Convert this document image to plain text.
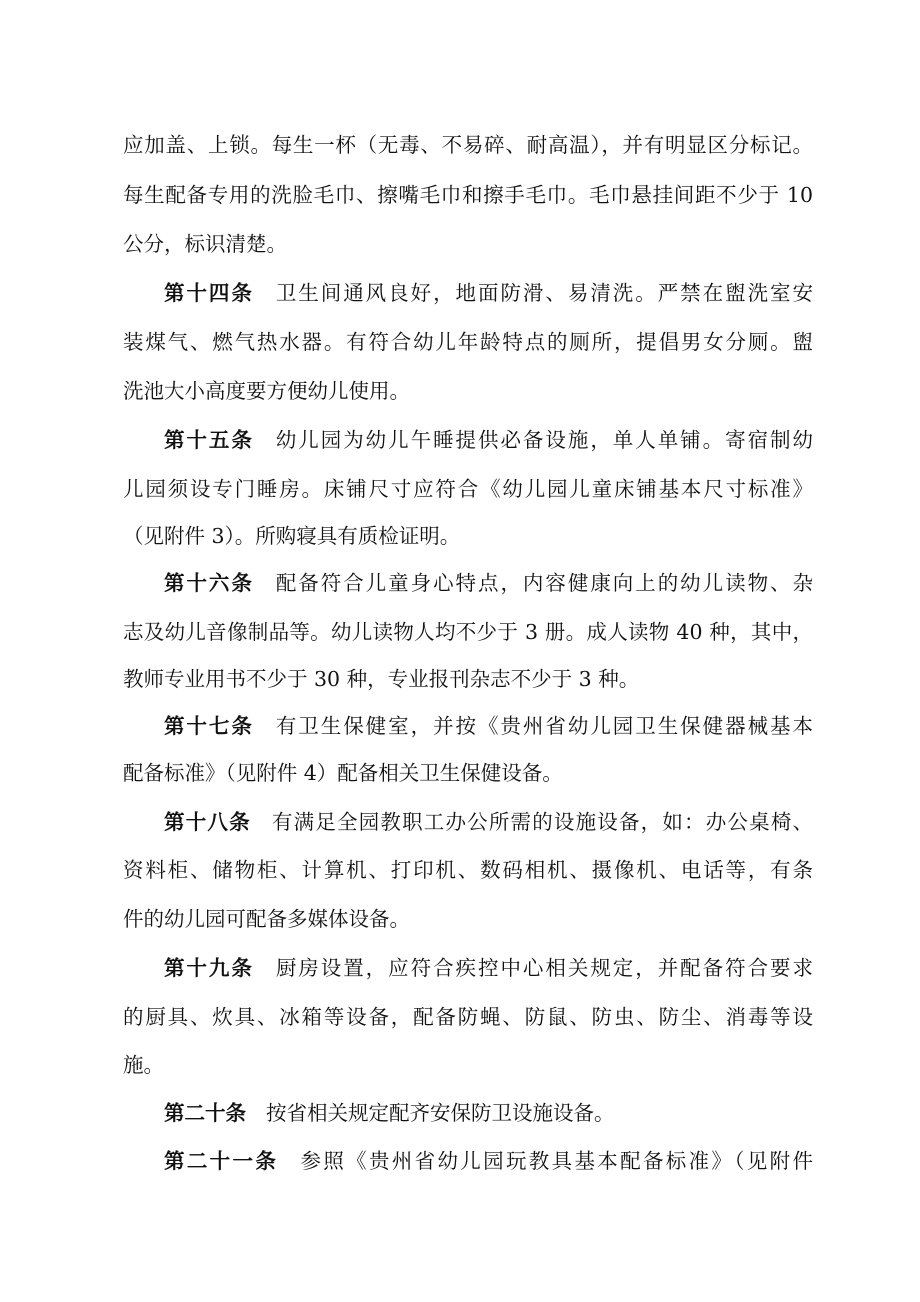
应加盖、上锁。每生一杯（无毒、不易碎、耐高温），并有明显区分标记。
每生配备专用的洗脸毛巾、擦嘴毛巾和擦手毛巾。毛巾悬挂间距不少于 10
公分，标识清楚。
第十四条 卫生间通风良好，地面防滑、易清洗。严禁在盥洗室安
装煤气、燃气热水器。有符合幼儿年龄特点的厕所，提倡男女分厕。盥
洗池大小高度要方便幼儿使用。
第十五条 幼儿园为幼儿午睡提供必备设施，单人单铺。寄宿制幼
儿园须设专门睡房。床铺尺寸应符合《幼儿园儿童床铺基本尺寸标准》
（见附件 3）。所购寝具有质检证明。
第十六条 配备符合儿童身心特点，内容健康向上的幼儿读物、杂
志及幼儿音像制品等。幼儿读物人均不少于 3 册。成人读物 40 种，其中，
教师专业用书不少于 30 种，专业报刊杂志不少于 3 种。
第十七条 有卫生保健室，并按《贵州省幼儿园卫生保健器械基本
配备标准》（见附件 4）配备相关卫生保健设备。
第十八条 有满足全园教职工办公所需的设施设备，如：办公桌椅、
资料柜、储物柜、计算机、打印机、数码相机、摄像机、电话等，有条
件的幼儿园可配备多媒体设备。
第十九条 厨房设置，应符合疾控中心相关规定，并配备符合要求
的厨具、炊具、冰箱等设备，配备防蝇、防鼠、防虫、防尘、消毒等设
施。
第二十条 按省相关规定配齐安保防卫设施设备。
第二十一条 参照《贵州省幼儿园玩教具基本配备标准》（见附件
